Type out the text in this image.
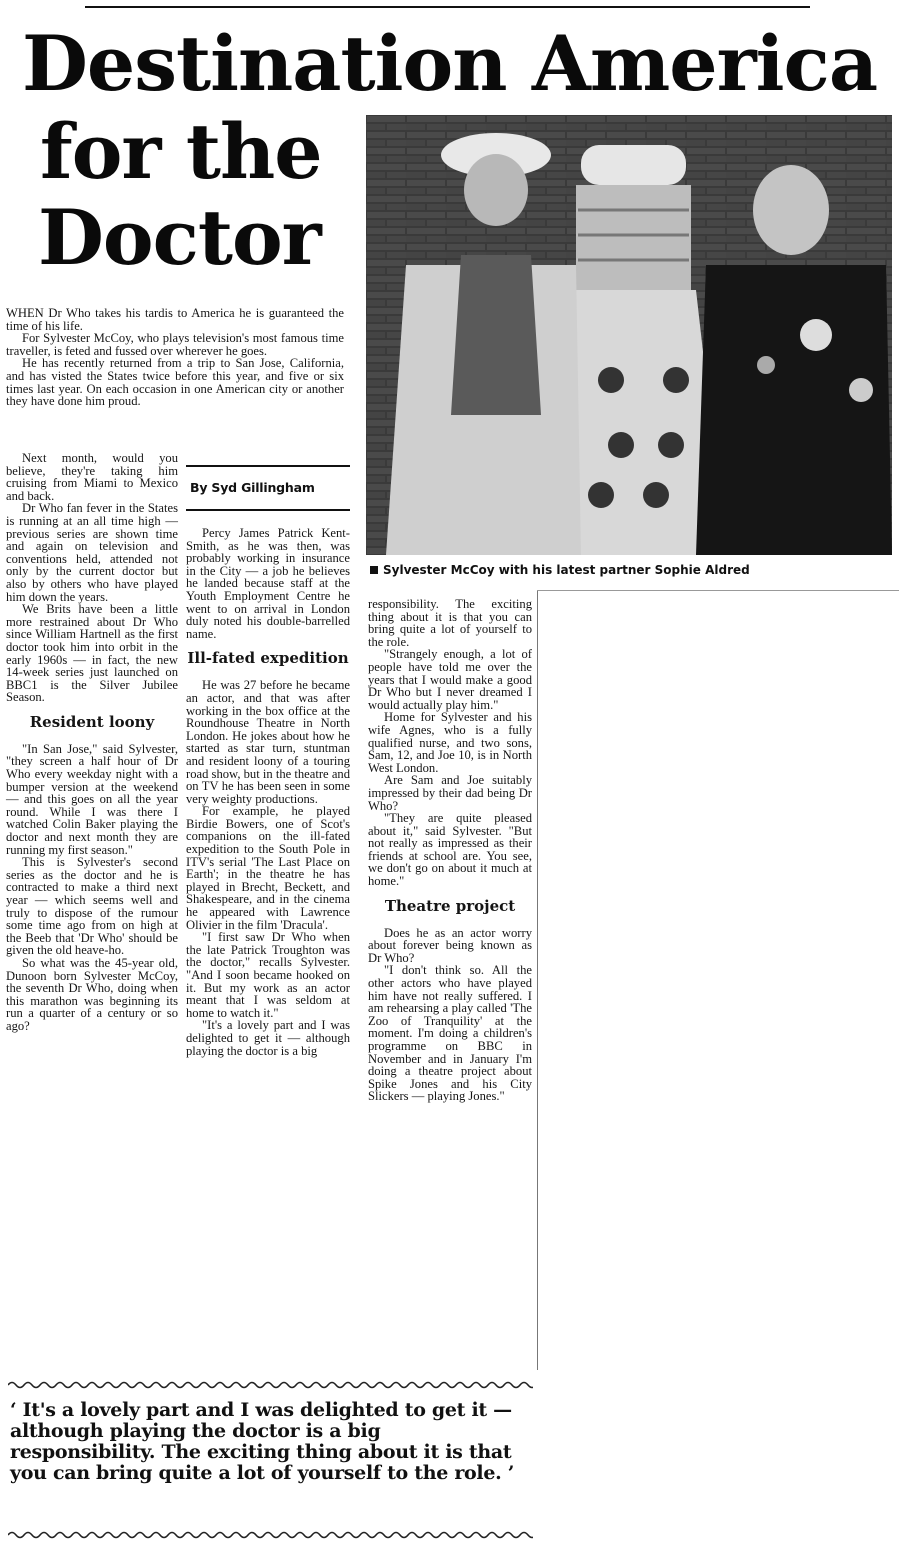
Destination America
for the
Doctor
Sylvester McCoy with his latest partner Sophie Aldred

WHEN Dr Who takes his tardis to America he is guaranteed the time of his life.

For Sylvester McCoy, who plays television's most famous time traveller, is feted and fussed over wherever he goes.

He has recently returned from a trip to San Jose, California, and has visted the States twice before this year, and five or six times last year. On each occasion in one American city or another they have done him proud.

Next month, would you believe, they're taking him cruising from Miami to Mexico and back.

Dr Who fan fever in the States is running at an all time high — previous series are shown time and again on television and conventions held, attended not only by the current doctor but also by others who have played him down the years.

We Brits have been a little more restrained about Dr Who since William Hartnell as the first doctor took him into orbit in the early 1960s — in fact, the new 14-week series just launched on BBC1 is the Silver Jubilee Season.

Resident loony

"In San Jose," said Sylvester, "they screen a half hour of Dr Who every weekday night with a bumper version at the weekend — and this goes on all the year round. While I was there I watched Colin Baker playing the doctor and next month they are running my first season."

This is Sylvester's second series as the doctor and he is contracted to make a third next year — which seems well and truly to dispose of the rumour some time ago from on high at the Beeb that 'Dr Who' should be given the old heave-ho.

So what was the 45-year old, Dunoon born Sylvester McCoy, the seventh Dr Who, doing when this marathon was beginning its run a quarter of a century or so ago?

By Syd Gillingham

Percy James Patrick Kent-Smith, as he was then, was probably working in insurance in the City — a job he believes he landed because staff at the Youth Employment Centre he went to on arrival in London duly noted his double-barrelled name.

Ill-fated expedition

He was 27 before he became an actor, and that was after working in the box office at the Roundhouse Theatre in North London. He jokes about how he started as star turn, stuntman and resident loony of a touring road show, but in the theatre and on TV he has been seen in some very weighty productions.

For example, he played Birdie Bowers, one of Scot's companions on the ill-fated expedition to the South Pole in ITV's serial 'The Last Place on Earth'; in the theatre he has played in Brecht, Beckett, and Shakespeare, and in the cinema he appeared with Lawrence Olivier in the film 'Dracula'.

"I first saw Dr Who when the late Patrick Troughton was the doctor," recalls Sylvester. "And I soon became hooked on it. But my work as an actor meant that I was seldom at home to watch it."

"It's a lovely part and I was delighted to get it — although playing the doctor is a big

responsibility. The exciting thing about it is that you can bring quite a lot of yourself to the role.

"Strangely enough, a lot of people have told me over the years that I would make a good Dr Who but I never dreamed I would actually play him."

Home for Sylvester and his wife Agnes, who is a fully qualified nurse, and two sons, Sam, 12, and Joe 10, is in North West London.

Are Sam and Joe suitably impressed by their dad being Dr Who?

"They are quite pleased about it," said Sylvester. "But not really as impressed as their friends at school are. You see, we don't go on about it much at home."

Theatre project

Does he as an actor worry about forever being known as Dr Who?

"I don't think so. All the other actors who have played him have not really suffered. I am rehearsing a play called 'The Zoo of Tranquility' at the moment. I'm doing a children's programme on BBC in November and in January I'm doing a theatre project about Spike Jones and his City Slickers — playing Jones."

‘ It's a lovely part and I was delighted to get it — although playing the doctor is a big responsibility. The exciting thing about it is that you can bring quite a lot of yourself to the role. ’
